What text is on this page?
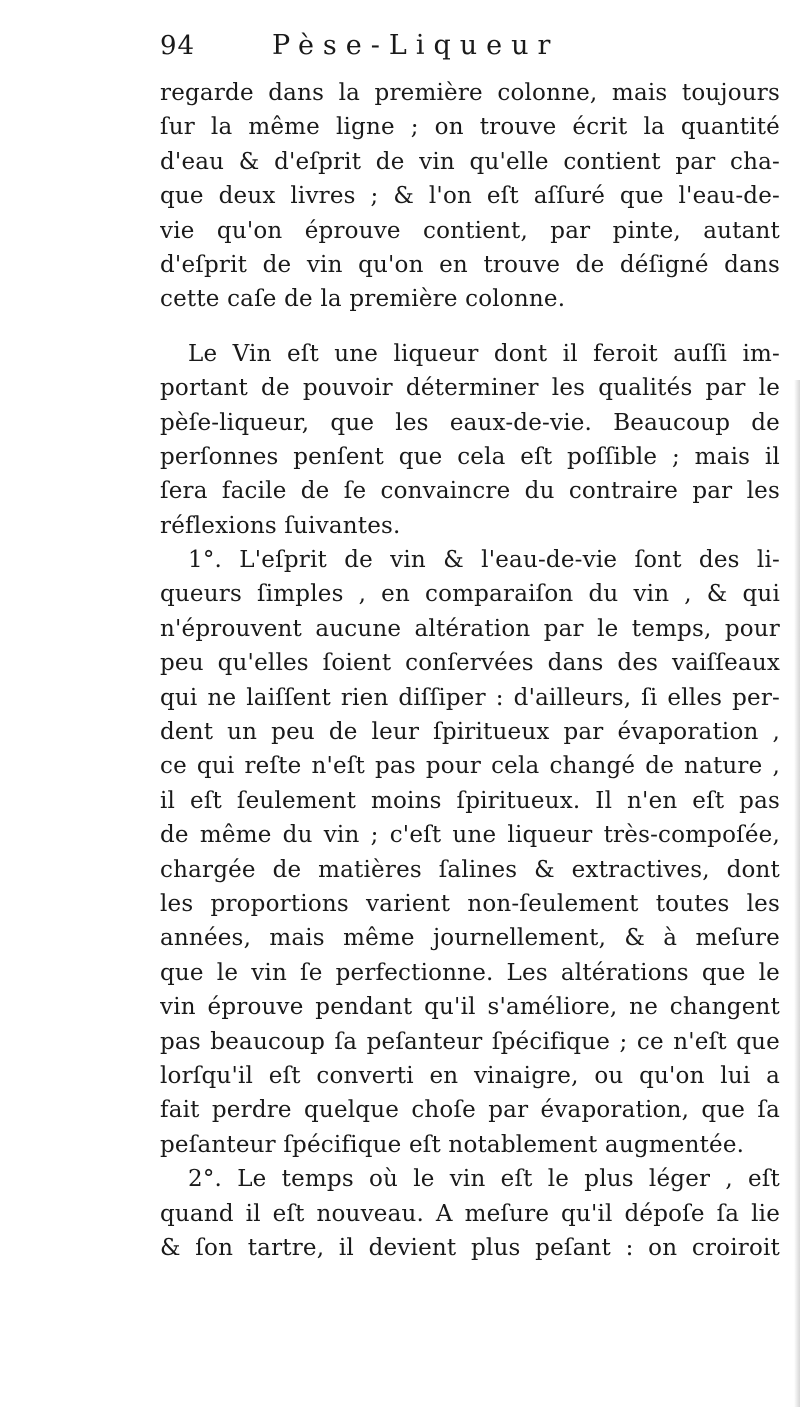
94	Pèse-Liqueur
regarde dans la première colonne, mais toujours
ſur la même ligne ; on trouve écrit la quantité
d'eau & d'eſprit de vin qu'elle contient par cha-
que deux livres ; & l'on eſt aſſuré que l'eau-de-
vie qu'on éprouve contient, par pinte, autant
d'eſprit de vin qu'on en trouve de déſigné dans
cette caſe de la première colonne.
Le Vin eſt une liqueur dont il feroit auſſi im-
portant de pouvoir déterminer les qualités par le
pèſe-liqueur, que les eaux-de-vie. Beaucoup de
perſonnes penſent que cela eſt poſſible ; mais il
ſera facile de ſe convaincre du contraire par les
réflexions ſuivantes.
1°. L'eſprit de vin & l'eau-de-vie ſont des li-
queurs ſimples , en comparaiſon du vin , & qui
n'éprouvent aucune altération par le temps, pour
peu qu'elles ſoient conſervées dans des vaiſſeaux
qui ne laiſſent rien diſſiper : d'ailleurs, ſi elles per-
dent un peu de leur ſpiritueux par évaporation ,
ce qui reſte n'eſt pas pour cela changé de nature ,
il eſt ſeulement moins ſpiritueux. Il n'en eſt pas
de même du vin ; c'eſt une liqueur très-compoſée,
chargée de matières ſalines & extractives, dont
les proportions varient non-ſeulement toutes les
années, mais même journellement, & à meſure
que le vin ſe perfectionne. Les altérations que le
vin éprouve pendant qu'il s'améliore, ne changent
pas beaucoup ſa peſanteur ſpécifique ; ce n'eſt que
lorſqu'il eſt converti en vinaigre, ou qu'on lui a
fait perdre quelque choſe par évaporation, que ſa
peſanteur ſpécifique eſt notablement augmentée.
2°. Le temps où le vin eſt le plus léger , eſt
quand il eſt nouveau. A meſure qu'il dépoſe ſa lie
& ſon tartre, il devient plus peſant : on croiroit
